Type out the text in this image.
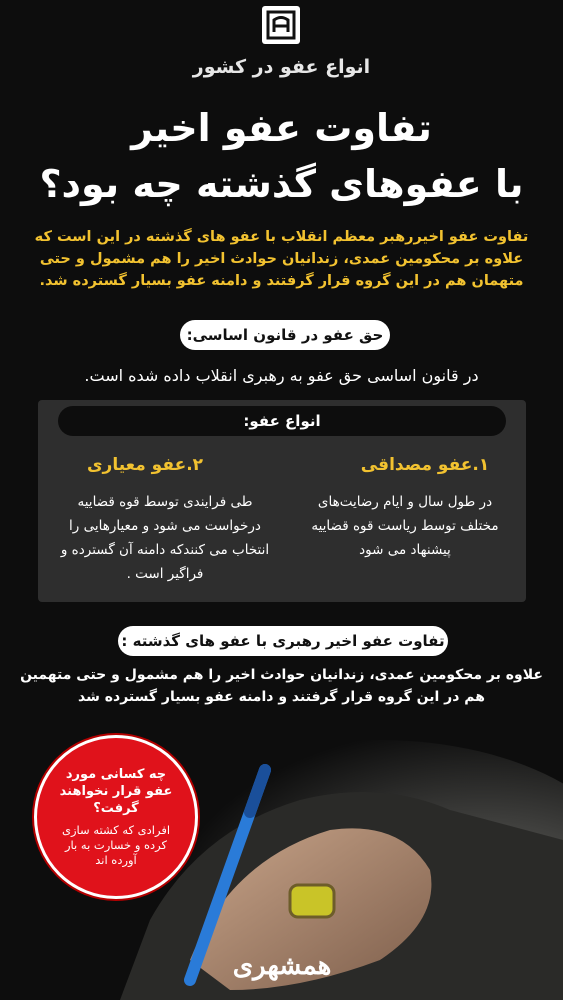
انواع عفو در کشور
تفاوت عفو اخیر
با عفوهای گذشته چه بود؟
تفاوت عفو اخیررهبر معظم انقلاب با عفو های گذشته در این است که علاوه بر محکومین عمدی، زندانیان حوادث اخیر را هم مشمول و حتی متهمان هم در این گروه قرار گرفتند و دامنه عفو بسیار گسترده شد.
حق عفو در قانون اساسی:
در قانون اساسی حق عفو به رهبری انقلاب داده شده است.
انواع عفو:
۱.عفو مصداقی
در طول سال و ایام رضایت‌های مختلف توسط ریاست قوه قضاییه پیشنهاد می شود
۲.عفو معیاری
طی فرایندی توسط قوه قضاییه درخواست می شود و معیارهایی را انتخاب می کنندکه دامنه آن گسترده و فراگیر است .
تفاوت عفو اخیر رهبری با عفو های گذشته :
علاوه بر محکومین عمدی، زندانیان حوادث اخیر را هم مشمول و حتی متهمین هم در این گروه قرار گرفتند و دامنه عفو بسیار گسترده شد
چه کسانی مورد عفو قرار نخواهند گرفت؟
افرادی که کشته سازی کرده و خسارت به بار آورده اند
همشهری
